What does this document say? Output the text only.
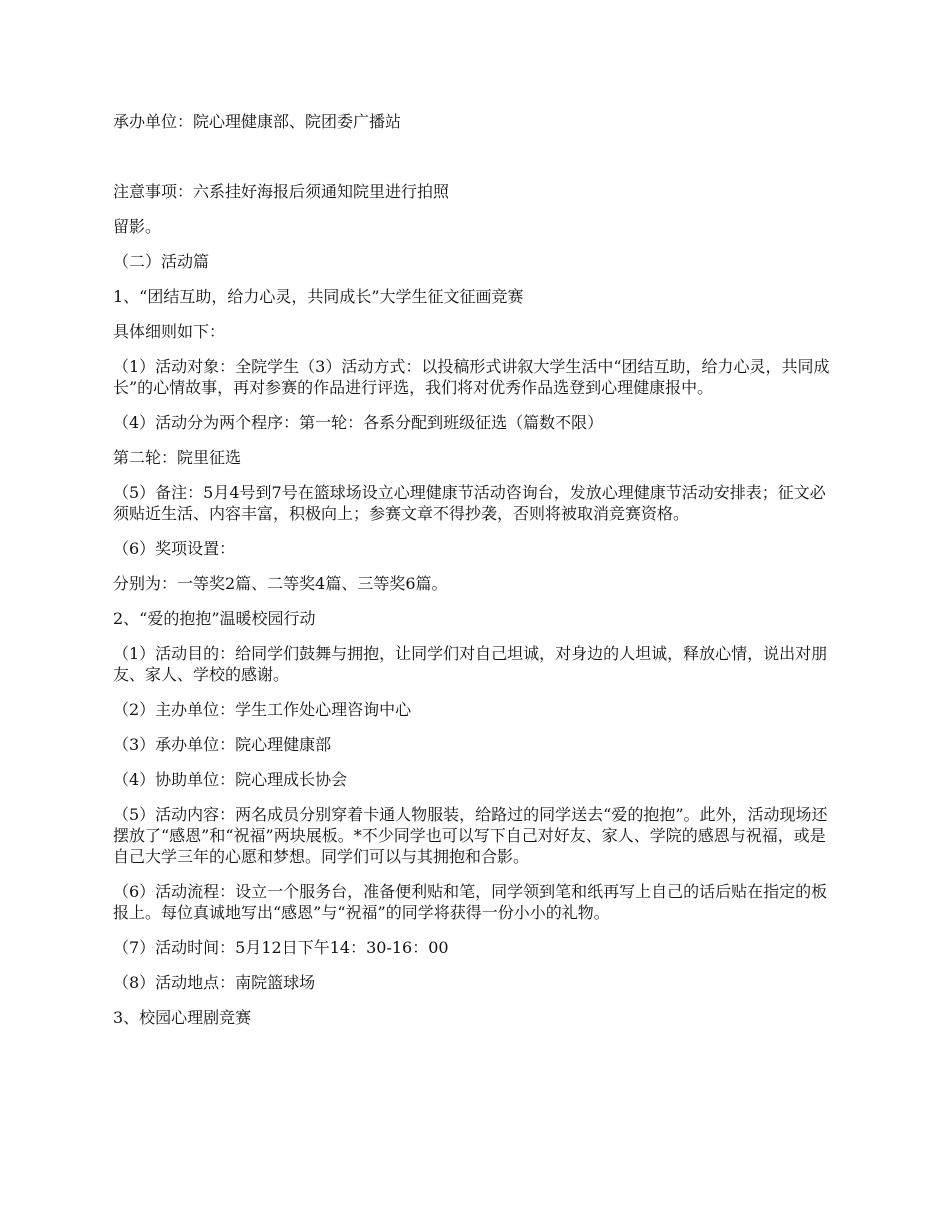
承办单位：院心理健康部、院团委广播站

注意事项：六系挂好海报后须通知院里进行拍照

留影。

（二）活动篇

1、“团结互助，给力心灵，共同成长”大学生征文征画竞赛

具体细则如下：

（1）活动对象：全院学生（3）活动方式：以投稿形式讲叙大学生活中“团结互助，给力心灵，共同成长”的心情故事，再对参赛的作品进行评选，我们将对优秀作品选登到心理健康报中。

（4）活动分为两个程序：第一轮：各系分配到班级征选（篇数不限）

第二轮：院里征选

（5）备注：5月4号到7号在篮球场设立心理健康节活动咨询台，发放心理健康节活动安排表；征文必须贴近生活、内容丰富，积极向上；参赛文章不得抄袭，否则将被取消竞赛资格。

（6）奖项设置：

分别为：一等奖2篇、二等奖4篇、三等奖6篇。

2、“爱的抱抱”温暖校园行动

（1）活动目的：给同学们鼓舞与拥抱，让同学们对自己坦诚，对身边的人坦诚，释放心情，说出对朋友、家人、学校的感谢。

（2）主办单位：学生工作处心理咨询中心

（3）承办单位：院心理健康部

（4）协助单位：院心理成长协会

（5）活动内容：两名成员分别穿着卡通人物服装，给路过的同学送去“爱的抱抱”。此外，活动现场还摆放了“感恩”和“祝福”两块展板。*不少同学也可以写下自己对好友、家人、学院的感恩与祝福，或是自己大学三年的心愿和梦想。同学们可以与其拥抱和合影。

（6）活动流程：设立一个服务台，准备便利贴和笔，同学领到笔和纸再写上自己的话后贴在指定的板报上。每位真诚地写出“感恩”与“祝福”的同学将获得一份小小的礼物。

（7）活动时间：5月12日下午14：30-16：00

（8）活动地点：南院篮球场

3、校园心理剧竞赛
